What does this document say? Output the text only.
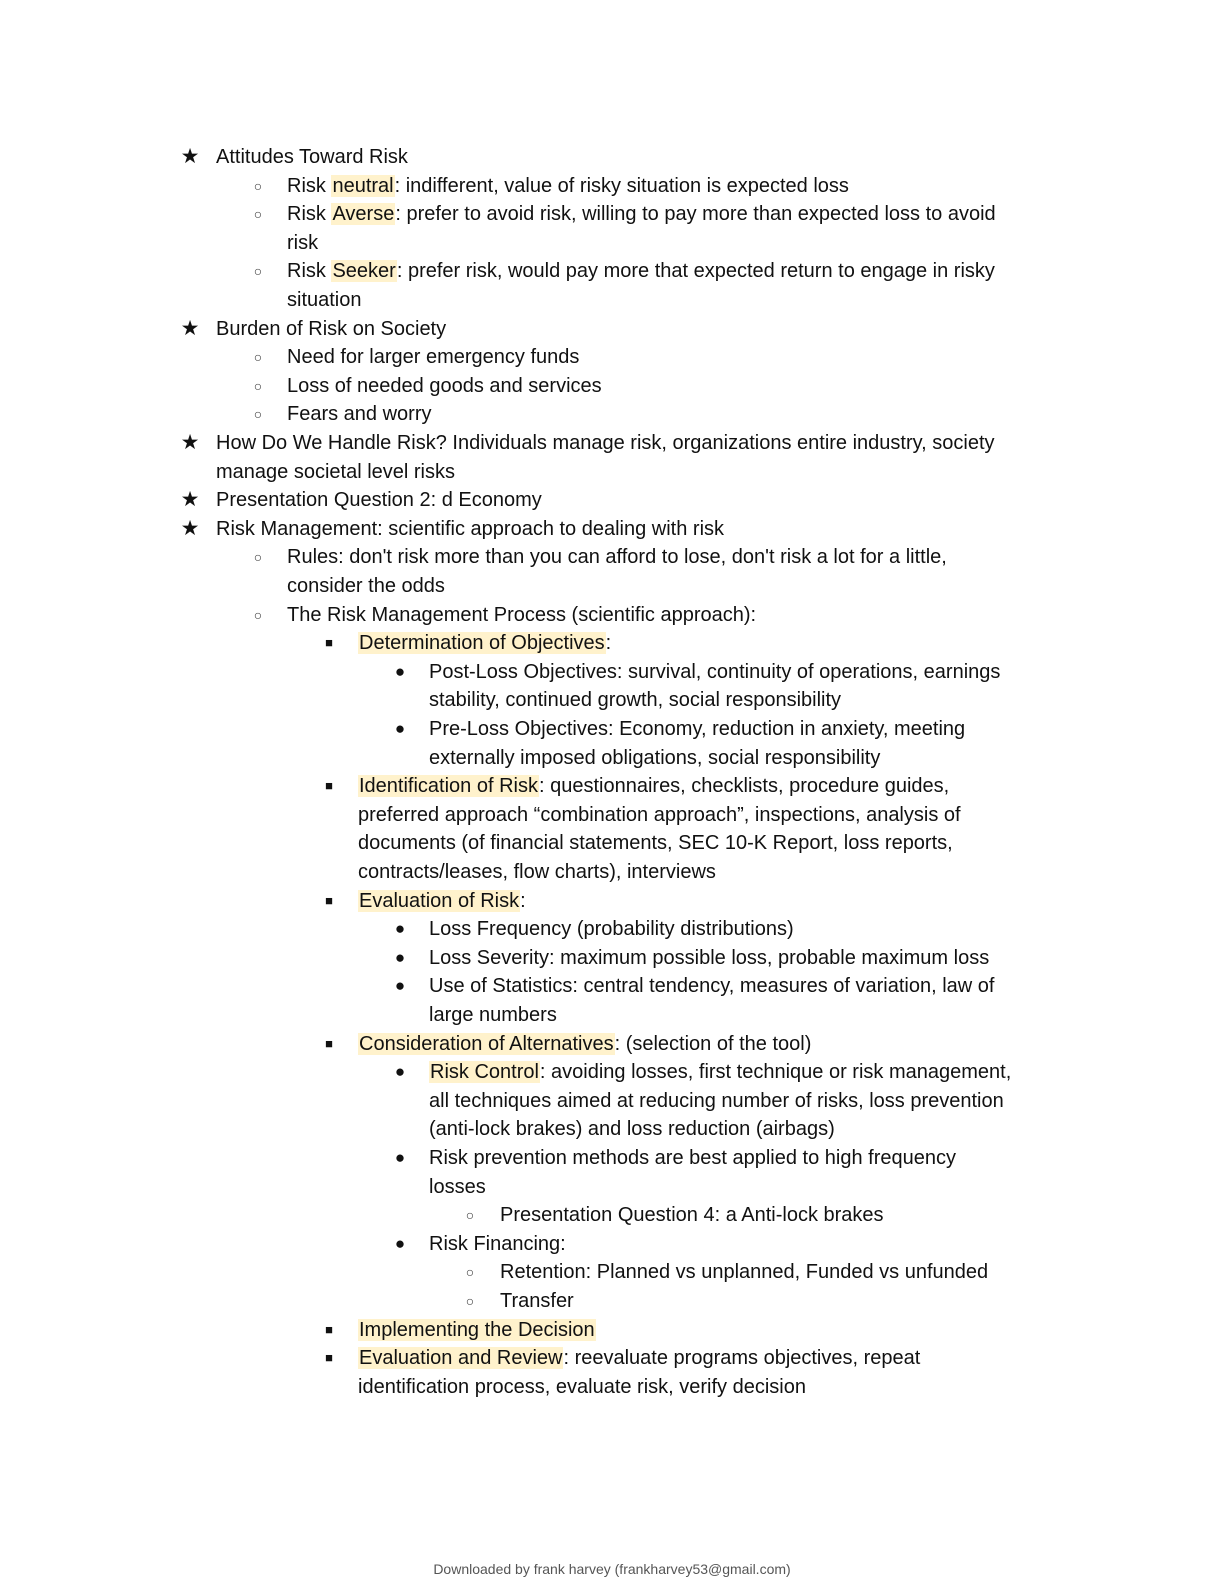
★ Attitudes Toward Risk
○	Risk neutral: indifferent, value of risky situation is expected loss
○	Risk Averse: prefer to avoid risk, willing to pay more than expected loss to avoid
risk
○	Risk Seeker: prefer risk, would pay more that expected return to engage in risky
situation
★ Burden of Risk on Society
○	Need for larger emergency funds
○	Loss of needed goods and services
○	Fears and worry
★ How Do We Handle Risk? Individuals manage risk, organizations entire industry, society
manage societal level risks
★ Presentation Question 2: d Economy
★ Risk Management: scientific approach to dealing with risk
○	Rules: don't risk more than you can afford to lose, don't risk a lot for a little,
consider the odds
○	The Risk Management Process (scientific approach):
■	Determination of Objectives:
●	Post-Loss Objectives: survival, continuity of operations, earnings
stability, continued growth, social responsibility
●	Pre-Loss Objectives: Economy, reduction in anxiety, meeting
externally imposed obligations, social responsibility
■	Identification of Risk: questionnaires, checklists, procedure guides,
preferred approach “combination approach”, inspections, analysis of
documents (of financial statements, SEC 10-K Report, loss reports,
contracts/leases, flow charts), interviews
■	Evaluation of Risk:
●	Loss Frequency (probability distributions)
●	Loss Severity: maximum possible loss, probable maximum loss
●	Use of Statistics: central tendency, measures of variation, law of
large numbers
■	Consideration of Alternatives: (selection of the tool)
●	Risk Control: avoiding losses, first technique or risk management,
all techniques aimed at reducing number of risks, loss prevention
(anti-lock brakes) and loss reduction (airbags)
●	Risk prevention methods are best applied to high frequency
losses
○	Presentation Question 4: a Anti-lock brakes
●	Risk Financing:
○	Retention: Planned vs unplanned, Funded vs unfunded
○	Transfer
■	Implementing the Decision
■	Evaluation and Review: reevaluate programs objectives, repeat
identification process, evaluate risk, verify decision
Downloaded by frank harvey (frankharvey53@gmail.com)
